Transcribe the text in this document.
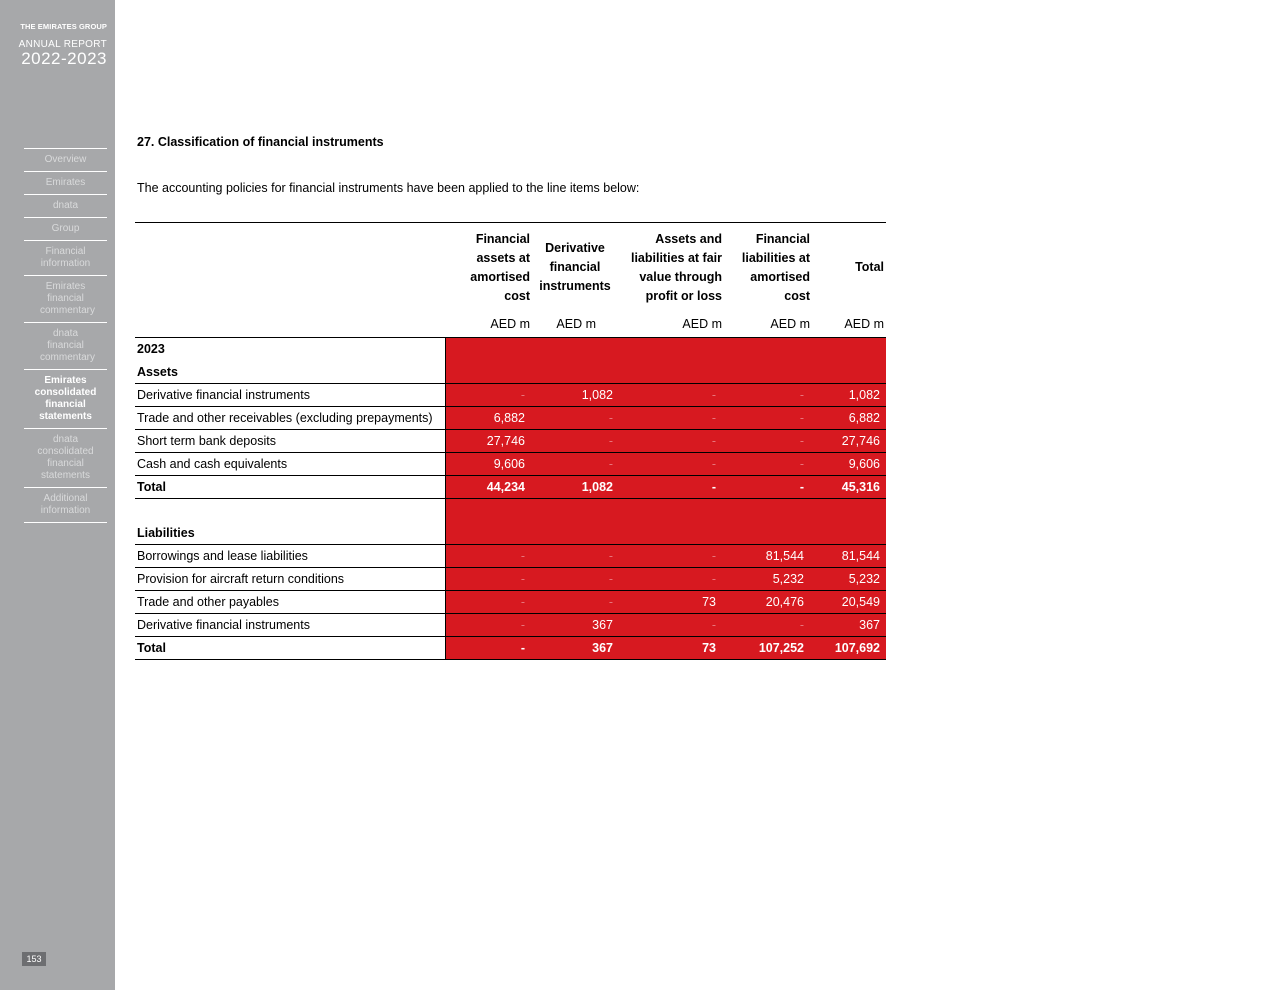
THE EMIRATES GROUP
ANNUAL REPORT
2022-2023
Overview
Emirates
dnata
Group
Financial information
Emirates financial commentary
dnata financial commentary
Emirates consolidated financial statements
dnata consolidated financial statements
Additional information
153
27. Classification of financial instruments

The accounting policies for financial instruments have been applied to the line items below:

	Financial assets at amortised cost	Derivative financial instruments	Assets and liabilities at fair value through profit or loss	Financial liabilities at amortised cost	Total
	AED m	AED m	AED m	AED m	AED m
2023					
Assets					
Derivative financial instruments	-	1,082	-	-	1,082
Trade and other receivables (excluding prepayments)	6,882	-	-	-	6,882
Short term bank deposits	27,746	-	-	-	27,746
Cash and cash equivalents	9,606	-	-	-	9,606
Total	44,234	1,082	-	-	45,316

Liabilities					
Borrowings and lease liabilities	-	-	-	81,544	81,544
Provision for aircraft return conditions	-	-	-	5,232	5,232
Trade and other payables	-	-	73	20,476	20,549
Derivative financial instruments	-	367	-	-	367
Total	-	367	73	107,252	107,692
